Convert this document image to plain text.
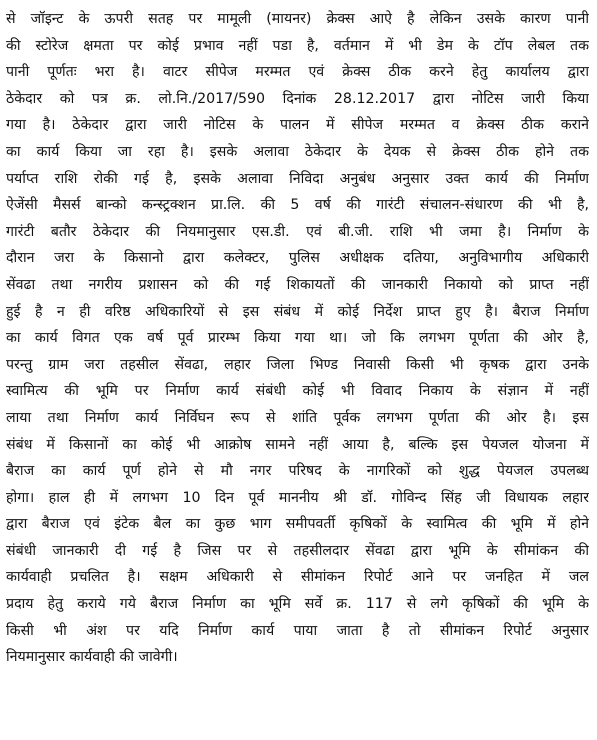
से जॉइन्ट के ऊपरी सतह पर मामूली (मायनर) क्रेक्स आऐ है लेकिन उसके कारण पानी
की स्टोरेज क्षमता पर कोई प्रभाव नहीं पडा है, वर्तमान में भी डेम के टॉप लेबल तक
पानी पूर्णतः भरा है। वाटर सीपेज मरम्मत एवं क्रेक्स ठीक करने हेतु कार्यालय द्वारा
ठेकेदार को पत्र क्र. लो.नि./2017/590 दिनांक 28.12.2017 द्वारा नोटिस जारी किया
गया है। ठेकेदार द्वारा जारी नोटिस के पालन में सीपेज मरम्मत व क्रेक्स ठीक कराने
का कार्य किया जा रहा है। इसके अलावा ठेकेदार के देयक से क्रेक्स ठीक होने तक
पर्याप्त राशि रोकी गई है, इसके अलावा निविदा अनुबंध अनुसार उक्त कार्य की निर्माण
ऐजेंसी मैसर्स बान्को कन्स्ट्रक्शन प्रा.लि. की 5 वर्ष की गारंटी संचालन-संधारण की भी है,
गारंटी बतौर ठेकेदार की नियमानुसार एस.डी. एवं बी.जी. राशि भी जमा है। निर्माण के
दौरान जरा के किसानो द्वारा कलेक्टर, पुलिस अधीक्षक दतिया, अनुविभागीय अधिकारी
सेंवढा तथा नगरीय प्रशासन को की गई शिकायतों की जानकारी निकायो को प्राप्त नहीं
हुई है न ही वरिष्ठ अधिकारियों से इस संबंध में कोई निर्देश प्राप्त हुए है। बैराज निर्माण
का कार्य विगत एक वर्ष पूर्व प्रारम्भ किया गया था। जो कि लगभग पूर्णता की ओर है,
परन्तु ग्राम जरा तहसील सेंवढा, लहार जिला भिण्ड निवासी किसी भी कृषक द्वारा उनके
स्वामित्य की भूमि पर निर्माण कार्य संबंधी कोई भी विवाद निकाय के संज्ञान में नहीं
लाया तथा निर्माण कार्य निर्विघन रूप से शांति पूर्वक लगभग पूर्णता की ओर है। इस
संबंध में किसानों का कोई भी आक्रोष सामने नहीं आया है, बल्कि इस पेयजल योजना में
बैराज का कार्य पूर्ण होने से मौ नगर परिषद के नागरिकों को शुद्ध पेयजल उपलब्ध
होगा। हाल ही में लगभग 10 दिन पूर्व माननीय श्री डॉ. गोविन्द सिंह जी विधायक लहार
द्वारा बैराज एवं इंटेक बैल का कुछ भाग समीपवर्ती कृषिकों के स्वामित्व की भूमि में होने
संबंधी जानकारी दी गई है जिस पर से तहसीलदार सेंवढा द्वारा भूमि के सीमांकन की
कार्यवाही प्रचलित है। सक्षम अधिकारी से सीमांकन रिपोर्ट आने पर जनहित में जल
प्रदाय हेतु कराये गये बैराज निर्माण का भूमि सर्वे क्र. 117 से लगे कृषिकों की भूमि के
किसी भी अंश पर यदि निर्माण कार्य पाया जाता है तो सीमांकन रिपोर्ट अनुसार
नियमानुसार कार्यवाही की जावेगी।
